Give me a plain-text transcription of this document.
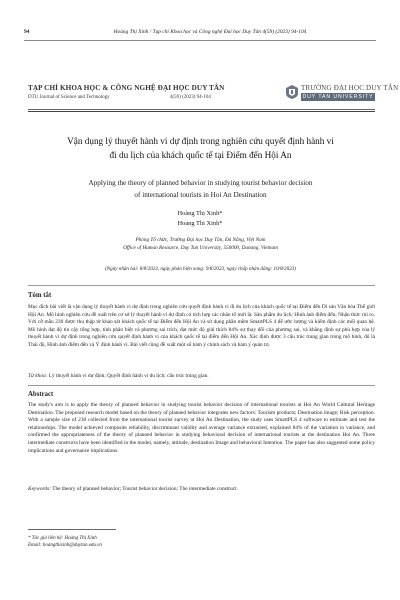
94	Hoàng Thị Xinh / Tạp chí Khoa học và Công nghệ Đại học Duy Tân 4(59) (2023) 94-104
TẠP CHÍ KHOA HỌC & CÔNG NGHỆ ĐẠI HỌC DUY TÂN
DTU Journal of Science and Technology	4(59) (2023) 94-104
TRƯỜNG ĐẠI HỌC DUY TÂN
DUY TAN UNIVERSITY
Vận dụng lý thuyết hành vi dự định trong nghiên cứu quyết định hành vi
đi du lịch của khách quốc tế tại Điểm đến Hội An
Applying the theory of planned behavior in studying tourist behavior decision
of international tourists in Hoi An Destination
Hoàng Thị Xinh*
Hoang Thi Xinh*
Phòng Tổ chức, Trường Đại học Duy Tân, Đà Nẵng, Việt Nam
Office of Human Resource, Duy Tan University, 550000, Danang, Vietnam
(Ngày nhận bài: 8/8/2023, ngày phản biện xong: 9/8/2023, ngày chấp nhận đăng: 10/8/2023)
Tóm tắt
Mục đích bài viết là vận dụng lý thuyết hành vi dự định trong nghiên cứu quyết định hành vi đi du lịch của khách quốc tế tại Điểm đến Di sản Văn hóa Thế giới Hội An. Mô hình nghiên cứu đề xuất trên cơ sở lý thuyết hành vi dự định có tích hợp các nhân tố mới là: Sản phẩm du lịch; Hình ảnh điểm đến; Nhận thức rủi ro. Với cỡ mẫu 230 được thu thập từ khảo sát khách quốc tế tại Điểm đến Hội An và sử dụng phần mềm SmartPLS 4 để ước lượng và kiểm định các mối quan hệ. Mô hình đạt độ tin cậy tổng hợp, tính phân biệt và phương sai trích, đạt mức độ giải thích 84% sự thay đổi của phương sai, và khẳng định sự phù hợp của lý thuyết hành vi dự định trong nghiên cứu quyết định hành vi của khách quốc tế tại điểm đến Hội An. Xác định được 3 cấu trúc trung gian trong mô hình, đó là Thái độ, Hình ảnh điểm đến và Ý định hành vi. Bài viết cũng đề xuất một số hàm ý chính sách và hàm ý quản trị.
Từ khóa: Lý thuyết hành vi dự định; Quyết định hành vi du lịch; cấu trúc trung gian.
Abstract
The study's aim is to apply the theory of planned behavior in studying tourist behavior decision of international tourists at Hoi An World Cultural Heritage Destination. The proposed research model based on the theory of planned behavior integrates new factors: Tourism products; Destination image; Risk perception. With a sample size of 230 collected from the international tourist survey at Hoi An Destination, the study uses SmartPLS 4 software to estimate and test the relationships. The model achieved composite reliability, discriminant validity and average variance extracted, explained 84% of the variation in variance, and confirmed the appropriateness of the theory of planned behavior in studying behavioral decision of international tourists at the destination Hoi An. Three intermediate constructs have been identified in the model, namely, attitude, destination Image and behavioral Intention. The paper has also suggested some policy implications and governance implications.
Keywords: The theory of planned behavior; Tourist behavior decision; The intermediate construct.
* Tác giả liên hệ: Hoàng Thị Xinh
Email: hoangthixinh@duytan.edu.vn
